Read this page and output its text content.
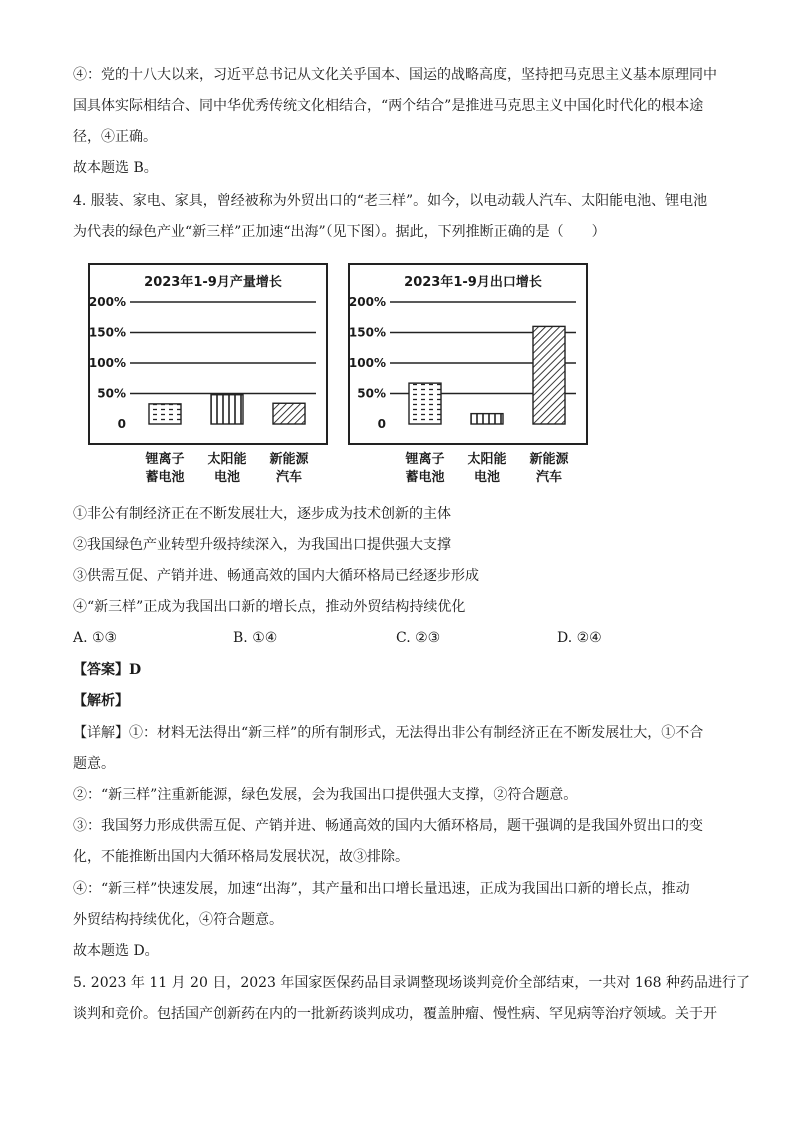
④：党的十八大以来，习近平总书记从文化关乎国本、国运的战略高度，坚持把马克思主义基本原理同中
国具体实际相结合、同中华优秀传统文化相结合，“两个结合”是推进马克思主义中国化时代化的根本途
径，④正确。
故本题选 B。
4. 服装、家电、家具，曾经被称为外贸出口的“老三样”。如今，以电动载人汽车、太阳能电池、锂电池
为代表的绿色产业“新三样”正加速“出海”（见下图）。据此，下列推断正确的是（　　）
2023年1-9月产量增长
200%
150%
100%
50%
0
锂离子
蓄电池
太阳能
电池
新能源
汽车
2023年1-9月出口增长
200%
150%
100%
50%
0
锂离子
蓄电池
太阳能
电池
新能源
汽车
①非公有制经济正在不断发展壮大，逐步成为技术创新的主体
②我国绿色产业转型升级持续深入，为我国出口提供强大支撑
③供需互促、产销并进、畅通高效的国内大循环格局已经逐步形成
④“新三样”正成为我国出口新的增长点，推动外贸结构持续优化
A. ①③	B. ①④	C. ②③	D. ②④
【答案】D
【解析】
【详解】①：材料无法得出“新三样”的所有制形式，无法得出非公有制经济正在不断发展壮大，①不合
题意。
②：“新三样”注重新能源，绿色发展，会为我国出口提供强大支撑，②符合题意。
③：我国努力形成供需互促、产销并进、畅通高效的国内大循环格局，题干强调的是我国外贸出口的变
化，不能推断出国内大循环格局发展状况，故③排除。
④：“新三样”快速发展，加速“出海”，其产量和出口增长量迅速，正成为我国出口新的增长点，推动
外贸结构持续优化，④符合题意。
故本题选 D。
5. 2023 年 11 月 20 日，2023 年国家医保药品目录调整现场谈判竞价全部结束，一共对 168 种药品进行了
谈判和竞价。包括国产创新药在内的一批新药谈判成功，覆盖肿瘤、慢性病、罕见病等治疗领域。关于开
